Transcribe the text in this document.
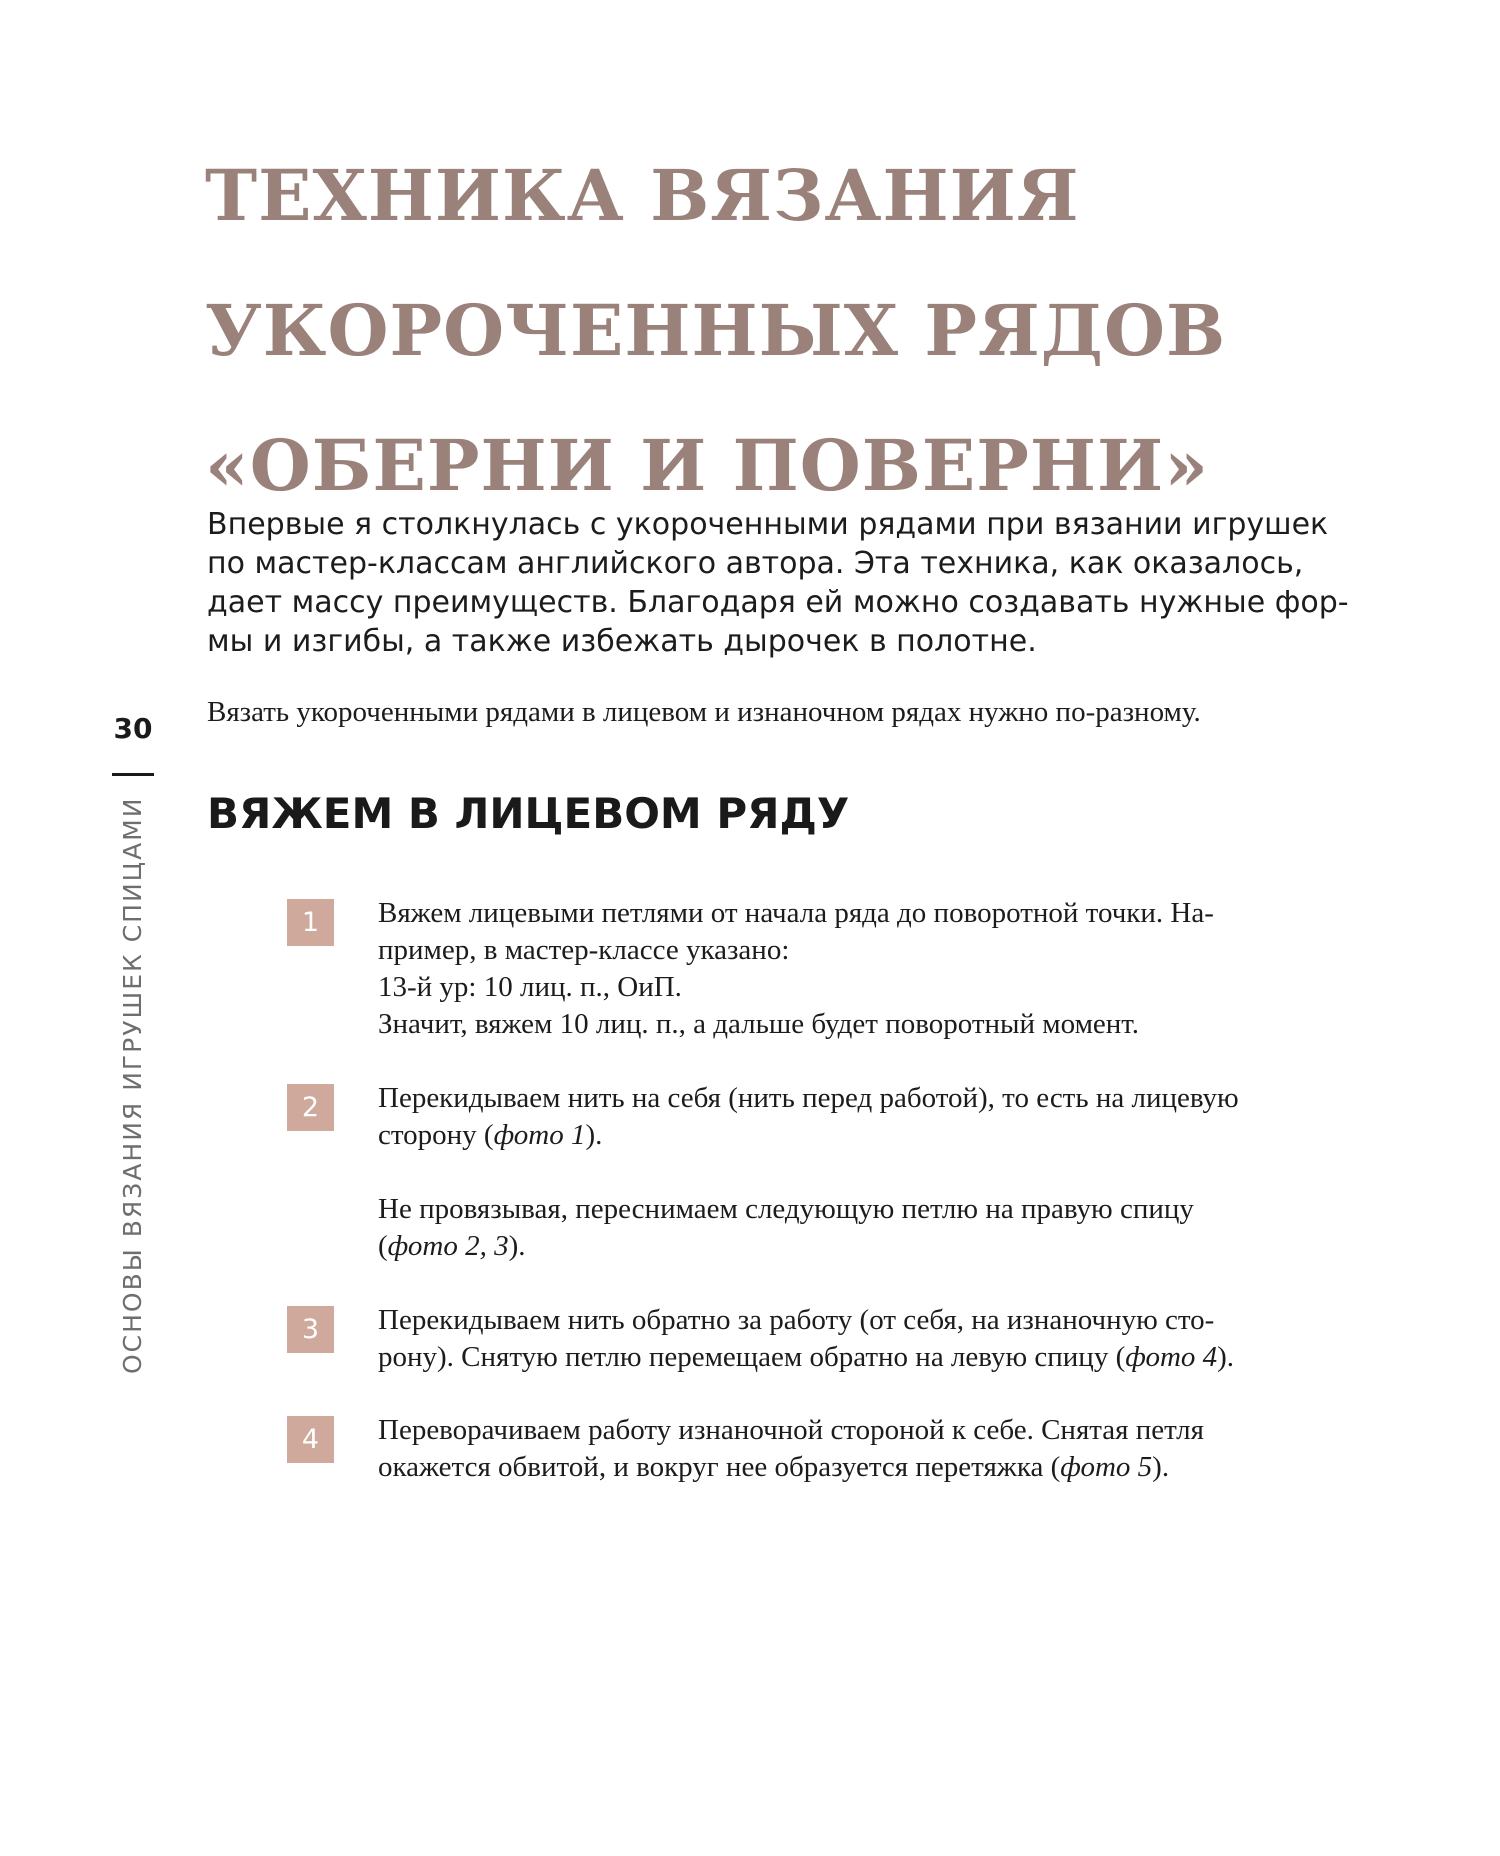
ТЕХНИКА ВЯЗАНИЯ
УКОРОЧЕННЫХ РЯДОВ
«ОБЕРНИ И ПОВЕРНИ»

Впервые я столкнулась с укороченными рядами при вязании игрушек
по мастер-классам английского автора. Эта техника, как оказалось,
дает массу преимуществ. Благодаря ей можно создавать нужные фор-
мы и изгибы, а также избежать дырочек в полотне.

Вязать укороченными рядами в лицевом и изнаночном рядах нужно по-разному.

30
ОСНОВЫ ВЯЗАНИЯ ИГРУШЕК СПИЦАМИ ВЯЖЕМ В ЛИЦЕВОМ РЯДУ
1	Вяжем лицевыми петлями от начала ряда до поворотной точки. На-
пример, в мастер-классе указано:
13-й ур: 10 лиц. п., ОиП.
Значит, вяжем 10 лиц. п., а дальше будет поворотный момент.
2	Перекидываем нить на себя (нить перед работой), то есть на лицевую
сторону (фото 1).
Не провязывая, переснимаем следующую петлю на правую спицу
(фото 2, 3).
3	Перекидываем нить обратно за работу (от себя, на изнаночную сто-
рону). Снятую петлю перемещаем обратно на левую спицу (фото 4).
4	Переворачиваем работу изнаночной стороной к себе. Снятая петля
окажется обвитой, и вокруг нее образуется перетяжка (фото 5).
